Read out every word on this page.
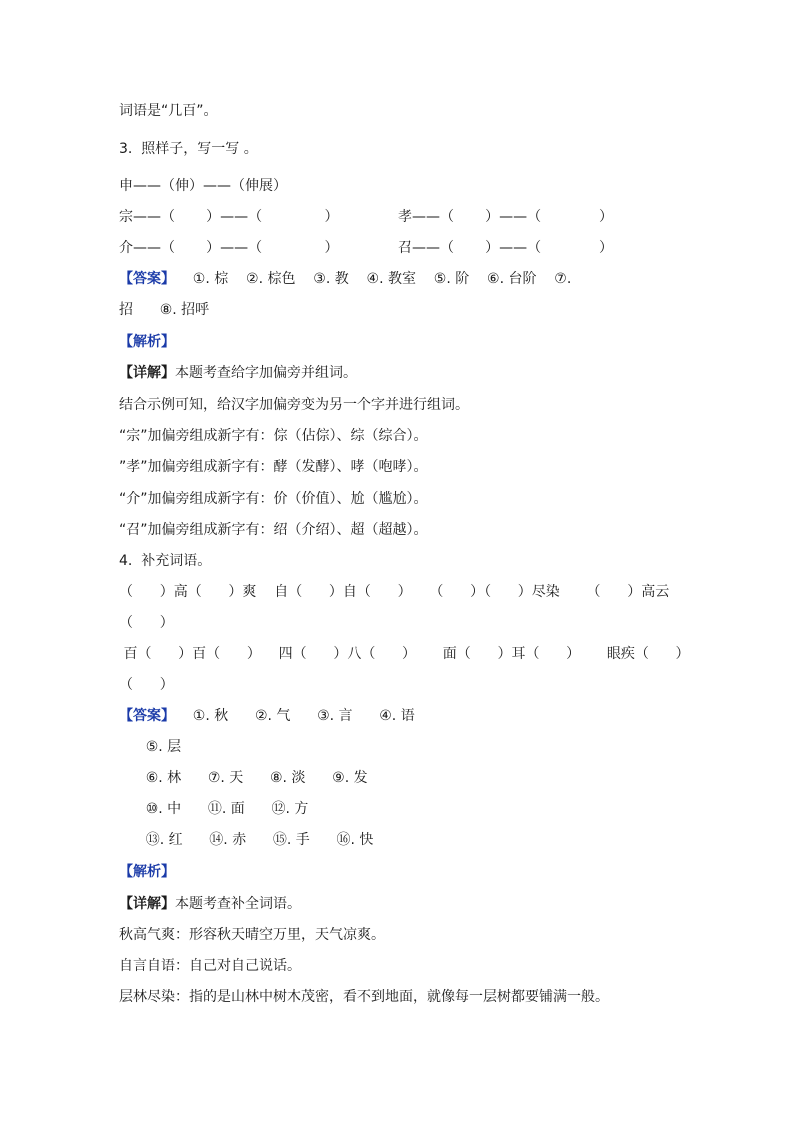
词语是“几百”。
3.  照样子，写一写 。
申——（伸）——（伸展）
宗——（       ）——（              ）	孝——（       ）——（             ）
介——（       ）——（              ）	召——（       ）——（             ）
【答案】    ①. 棕    ②. 棕色    ③. 教    ④. 教室    ⑤. 阶    ⑥. 台阶    ⑦.
招      ⑧. 招呼
【解析】
【详解】本题考查给字加偏旁并组词。
结合示例可知，给汉字加偏旁变为另一个字并进行组词。
“宗”加偏旁组成新字有：倧（佔倧）、综（综合）。
”孝”加偏旁组成新字有：酵（发酵）、哮（咆哮）。
“介”加偏旁组成新字有：价（价值）、尬（尴尬）。
“召”加偏旁组成新字有：绍（介绍）、超（超越）。
4.  补充词语。
（      ）高（      ）爽    自（      ）自（      ）    （      ）（      ）尽染      （      ）高云
（      ）
百（      ）百（      ）    四（      ）八（      ）      面（      ）耳（      ）      眼疾（      ）
（      ）
【答案】    ①. 秋      ②. 气      ③. 言      ④. 语
⑤. 层
⑥. 林      ⑦. 天      ⑧. 淡      ⑨. 发
⑩. 中      ⑪. 面      ⑫. 方
⑬. 红      ⑭. 赤      ⑮. 手      ⑯. 快
【解析】
【详解】本题考查补全词语。
秋高气爽：形容秋天晴空万里，天气凉爽。
自言自语：自己对自己说话。
层林尽染：指的是山林中树木茂密，看不到地面，就像每一层树都要铺满一般。
